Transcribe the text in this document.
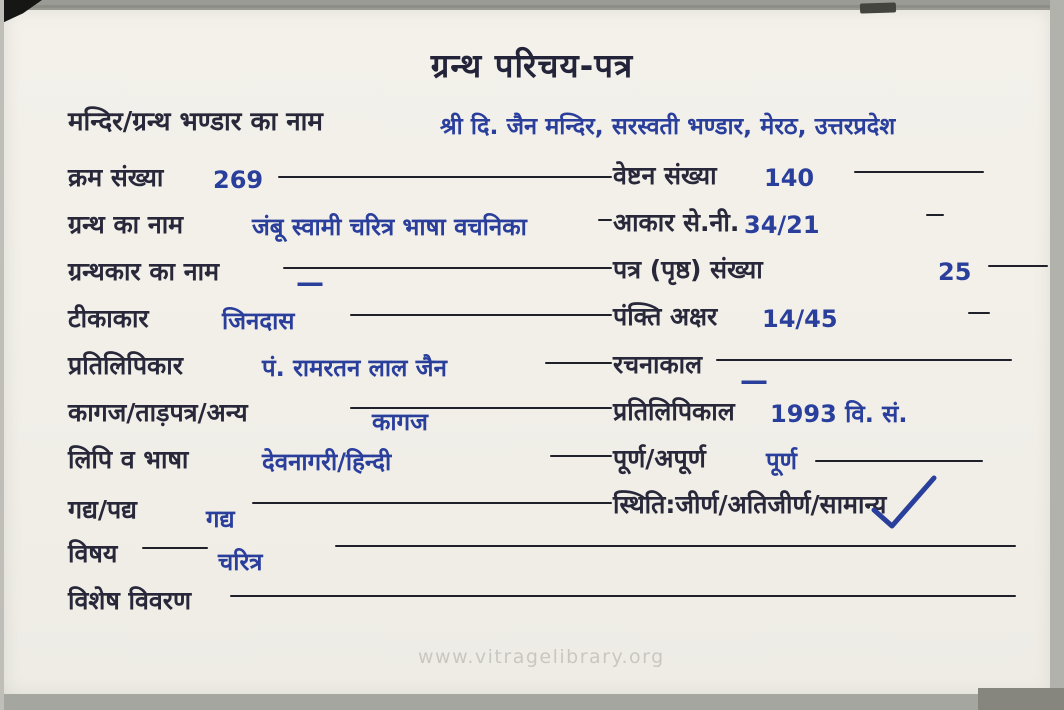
ग्रन्थ परिचय-पत्र
मन्दिर/ग्रन्थ भण्डार का नाम	श्री दि. जैन मन्दिर, सरस्वती भण्डार, मेरठ, उत्तरप्रदेश
क्रम संख्या 269	वेष्टन संख्या 140
ग्रन्थ का नाम	जंबू स्वामी चरित्र भाषा वचनिका	आकार से.नी. 34/21
ग्रन्थकार का नाम	—	पत्र (पृष्ठ) संख्या	25
टीकाकार	जिनदास	पंक्ति अक्षर 14/45
प्रतिलिपिकार	पं. रामरतन लाल जैन	रचनाकाल —
कागज/ताड़पत्र/अन्य	कागज	प्रतिलिपिकाल 1993 वि. सं.
लिपि व भाषा	देवनागरी/हिन्दी	पूर्ण/अपूर्ण	पूर्ण
गद्य/पद्य	गद्य	स्थिति:जीर्ण/अतिजीर्ण/सामान्य
विषय	चरित्र
विशेष विवरण
www.vitragelibrary.org
